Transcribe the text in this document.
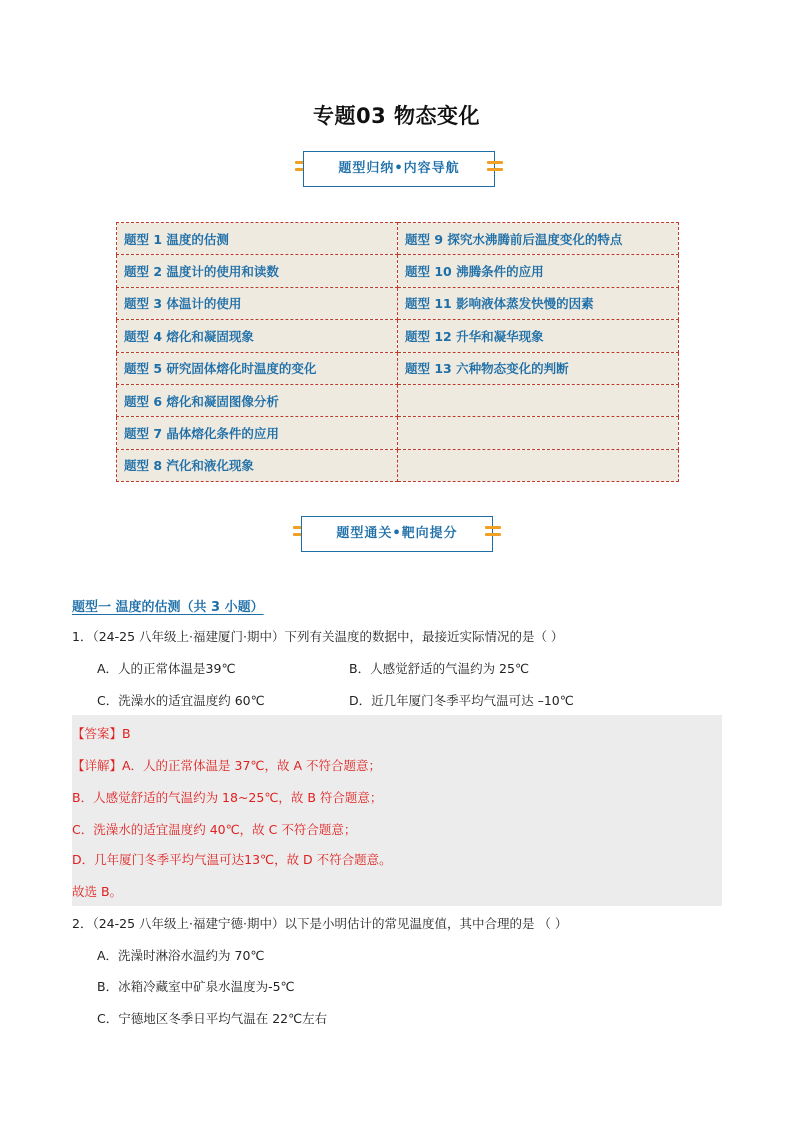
专题03 物态变化
题型归纳•内容导航
题型 1 温度的估测	题型 9 探究水沸腾前后温度变化的特点
题型 2 温度计的使用和读数	题型 10 沸腾条件的应用
题型 3 体温计的使用	题型 11 影响液体蒸发快慢的因素
题型 4 熔化和凝固现象	题型 12 升华和凝华现象
题型 5 研究固体熔化时温度的变化	题型 13 六种物态变化的判断
题型 6 熔化和凝固图像分析	
题型 7 晶体熔化条件的应用	
题型 8 汽化和液化现象	
题型通关•靶向提分
题型一 温度的估测（共 3 小题）
1．（24-25 八年级上·福建厦门·期中）下列有关温度的数据中，最接近实际情况的是（ ）
A．人的正常体温是39℃	B．人感觉舒适的气温约为 25℃
C．洗澡水的适宜温度约 60℃	D．近几年厦门冬季平均气温可达 –10℃
【答案】B
【详解】A．人的正常体温是 37℃，故 A 不符合题意；
B．人感觉舒适的气温约为 18~25℃，故 B 符合题意；
C．洗澡水的适宜温度约 40℃，故 C 不符合题意；
D．几年厦门冬季平均气温可达13℃，故 D 不符合题意。
故选 B。
2．（24-25 八年级上·福建宁德·期中）以下是小明估计的常见温度值，其中合理的是 （ ）
A．洗澡时淋浴水温约为 70℃
B．冰箱冷藏室中矿泉水温度为-5℃
C．宁德地区冬季日平均气温在 22℃左右
